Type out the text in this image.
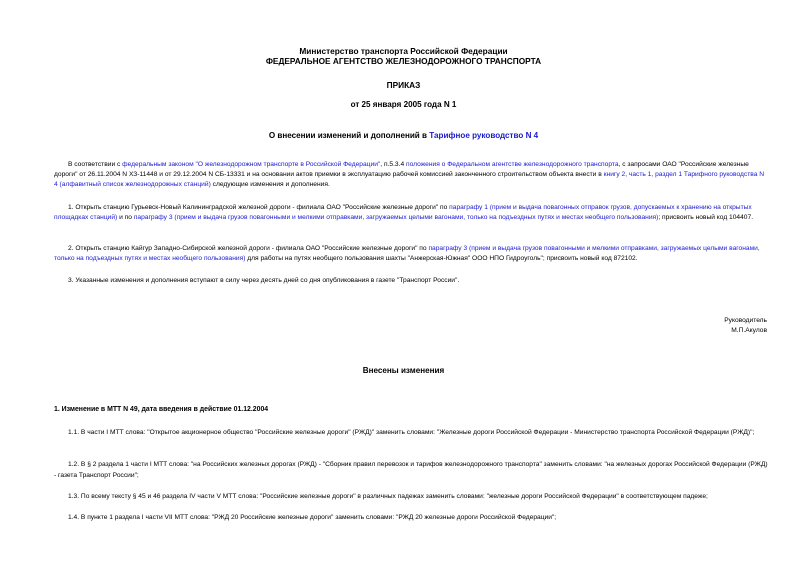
Министерство транспорта Российской Федерации
ФЕДЕРАЛЬНОЕ АГЕНТСТВО ЖЕЛЕЗНОДОРОЖНОГО ТРАНСПОРТА
ПРИКАЗ
от 25 января 2005 года N 1
О внесении изменений и дополнений в Тарифное руководство N 4
В соответствии с федеральным законом "О железнодорожном транспорте в Российской Федерации", п.5.3.4 положения о Федеральном агентстве железнодорожного транспорта, с запросами ОАО "Российские железные дороги" от 26.11.2004 N ХЗ-11448 и от 29.12.2004 N СБ-13331 и на основании актов приемки в эксплуатацию рабочей комиссией законченного строительством объекта внести в книгу 2, часть 1, раздел 1 Тарифного руководства N 4 (алфавитный список железнодорожных станций) следующие изменения и дополнения.
1. Открыть станцию Гурьевск-Новый Калининградской железной дороги - филиала ОАО "Российские железные дороги" по параграфу 1 (прием и выдача повагонных отправок грузов, допускаемых к хранению на открытых площадках станций) и по параграфу 3 (прием и выдача грузов повагонными и мелкими отправками, загружаемых целыми вагонами, только на подъездных путях и местах необщего пользования); присвоить новый код 104407.
2. Открыть станцию Кайгур Западно-Сибирской железной дороги - филиала ОАО "Российские железные дороги" по параграфу 3 (прием и выдача грузов повагонными и мелкими отправками, загружаемых целыми вагонами, только на подъездных путях и местах необщего пользования) для работы на путях необщего пользования шахты "Анжерская-Южная" ООО НПО Гидроуголь"; присвоить новый код 872102.
3. Указанные изменения и дополнения вступают в силу через десять дней со дня опубликования в газете "Транспорт России".
Руководитель
М.П.Акулов
Внесены изменения
1. Изменение в МТТ N 49, дата введения в действие 01.12.2004
1.1. В части I МТТ слова: "Открытое акционерное общество "Российские железные дороги" (РЖД)" заменить словами: "Железные дороги Российской Федерации - Министерство транспорта Российской Федерации (РЖД)";
1.2. В § 2 раздела 1 части I МТТ слова: "на Российских железных дорогах (РЖД) - "Сборник правил перевозок и тарифов железнодорожного транспорта" заменить словами: "на железных дорогах Российской Федерации (РЖД) - газета Транспорт России";
1.3. По всему тексту § 45 и 46 раздела IV части V МТТ слова: "Российские железные дороги" в различных падежах заменить словами: "железные дороги Российской Федерации" в соответствующем падеже;
1.4. В пункте 1 раздела I части VII МТТ слова: "РЖД 20 Российские железные дороги" заменить словами: "РЖД 20 железные дороги Российской Федерации";
